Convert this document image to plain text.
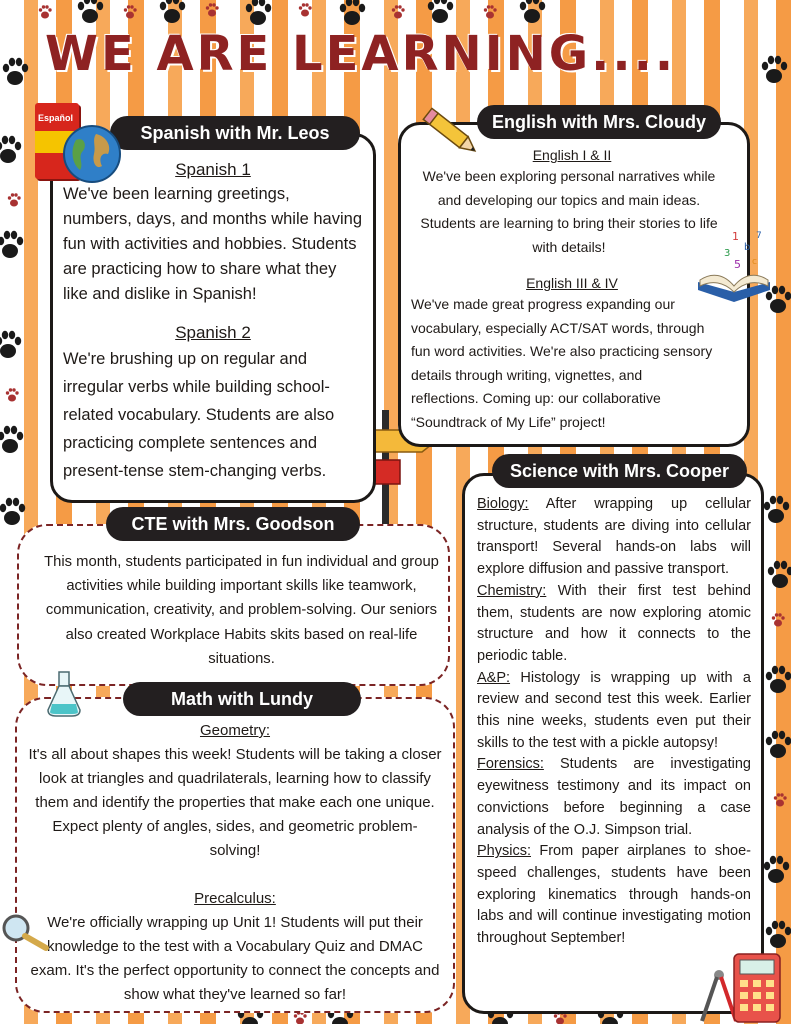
WE ARE LEARNING....

Spanish 1

We've been learning greetings, numbers, days, and months while having fun with activities and hobbies. Students are practicing how to share what they like and dislike in Spanish!

Spanish 2

We're brushing up on regular and irregular verbs while building school-related vocabulary. Students are also practicing complete sentences and present-tense stem-changing verbs.

Spanish with Mr. Leos
Español

English I & II

We've been exploring personal narratives while and developing our topics and main ideas. Students are learning to bring their stories to life with details!

English III & IV

We've made great progress expanding our vocabulary, especially ACT/SAT words, through fun word activities. We're also practicing sensory details through writing, vignettes, and reflections. Coming up: our collaborative “Soundtrack of My Life” project!

English with Mrs. Cloudy
1
b
3
c
5
7

This month, students participated in fun individual and group activities while building important skills like teamwork, communication, creativity, and problem-solving. Our seniors also created Workplace Habits skits based on real-life situations.

CTE with Mrs. Goodson

Geometry:

It's all about shapes this week! Students will be taking a closer look at triangles and quadrilaterals, learning how to classify them and identify the properties that make each one unique. Expect plenty of angles, sides, and geometric problem-solving!

Precalculus:

We're officially wrapping up Unit 1! Students will put their knowledge to the test with a Vocabulary Quiz and DMAC exam. It's the perfect opportunity to connect the concepts and show what they've learned so far!

Math with Lundy

Biology: After wrapping up cellular structure, students are diving into cellular transport! Several hands-on labs will explore diffusion and passive transport.

Chemistry: With their first test behind them, students are now exploring atomic structure and how it connects to the periodic table.

A&P: Histology is wrapping up with a review and second test this week. Earlier this nine weeks, students even put their skills to the test with a pickle autopsy!

Forensics: Students are investigating eyewitness testimony and its impact on convictions before beginning a case analysis of the O.J. Simpson trial.

Physics: From paper airplanes to shoe-speed challenges, students have been exploring kinematics through hands-on labs and will continue investigating motion throughout September!

Science with Mrs. Cooper
